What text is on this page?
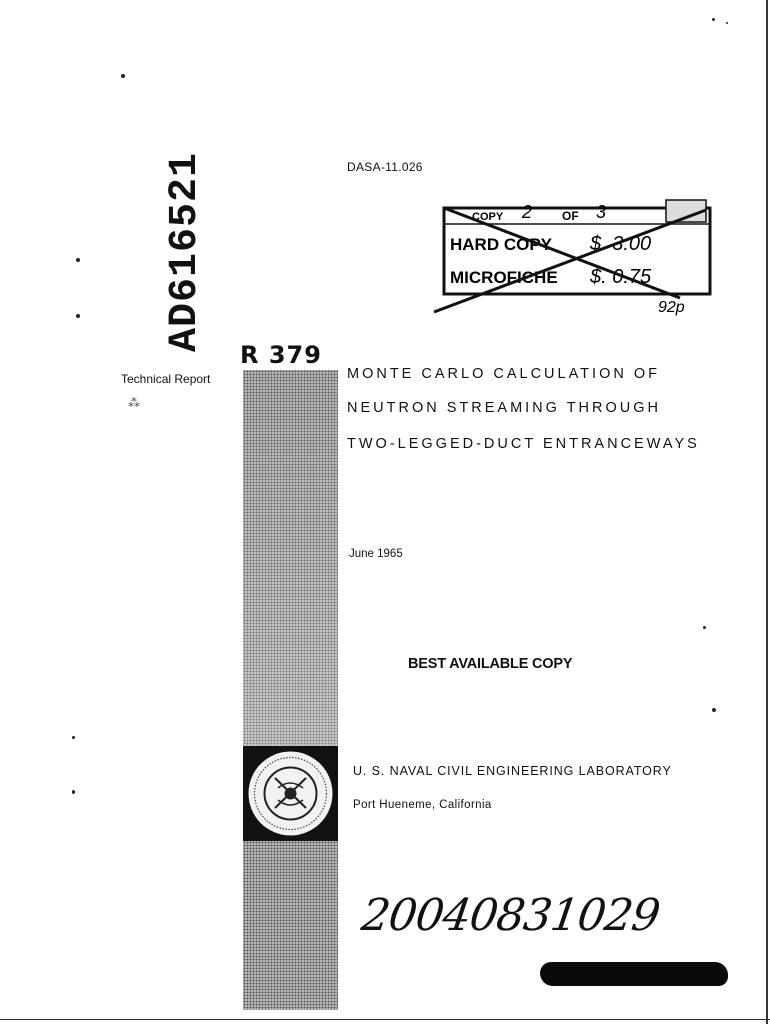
AD616521	DASA-11.026
COPY 2 OF 3
HARD COPY $. 3.00
MICROFICHE $. 0.75
92p
R 379
Technical Report
⁂
MONTE CARLO CALCULATION OF
NEUTRON STREAMING THROUGH
TWO-LEGGED-DUCT ENTRANCEWAYS
June 1965
BEST AVAILABLE COPY
U. S. NAVAL CIVIL ENGINEERING LABORATORY
Port Hueneme, California
20040831029
